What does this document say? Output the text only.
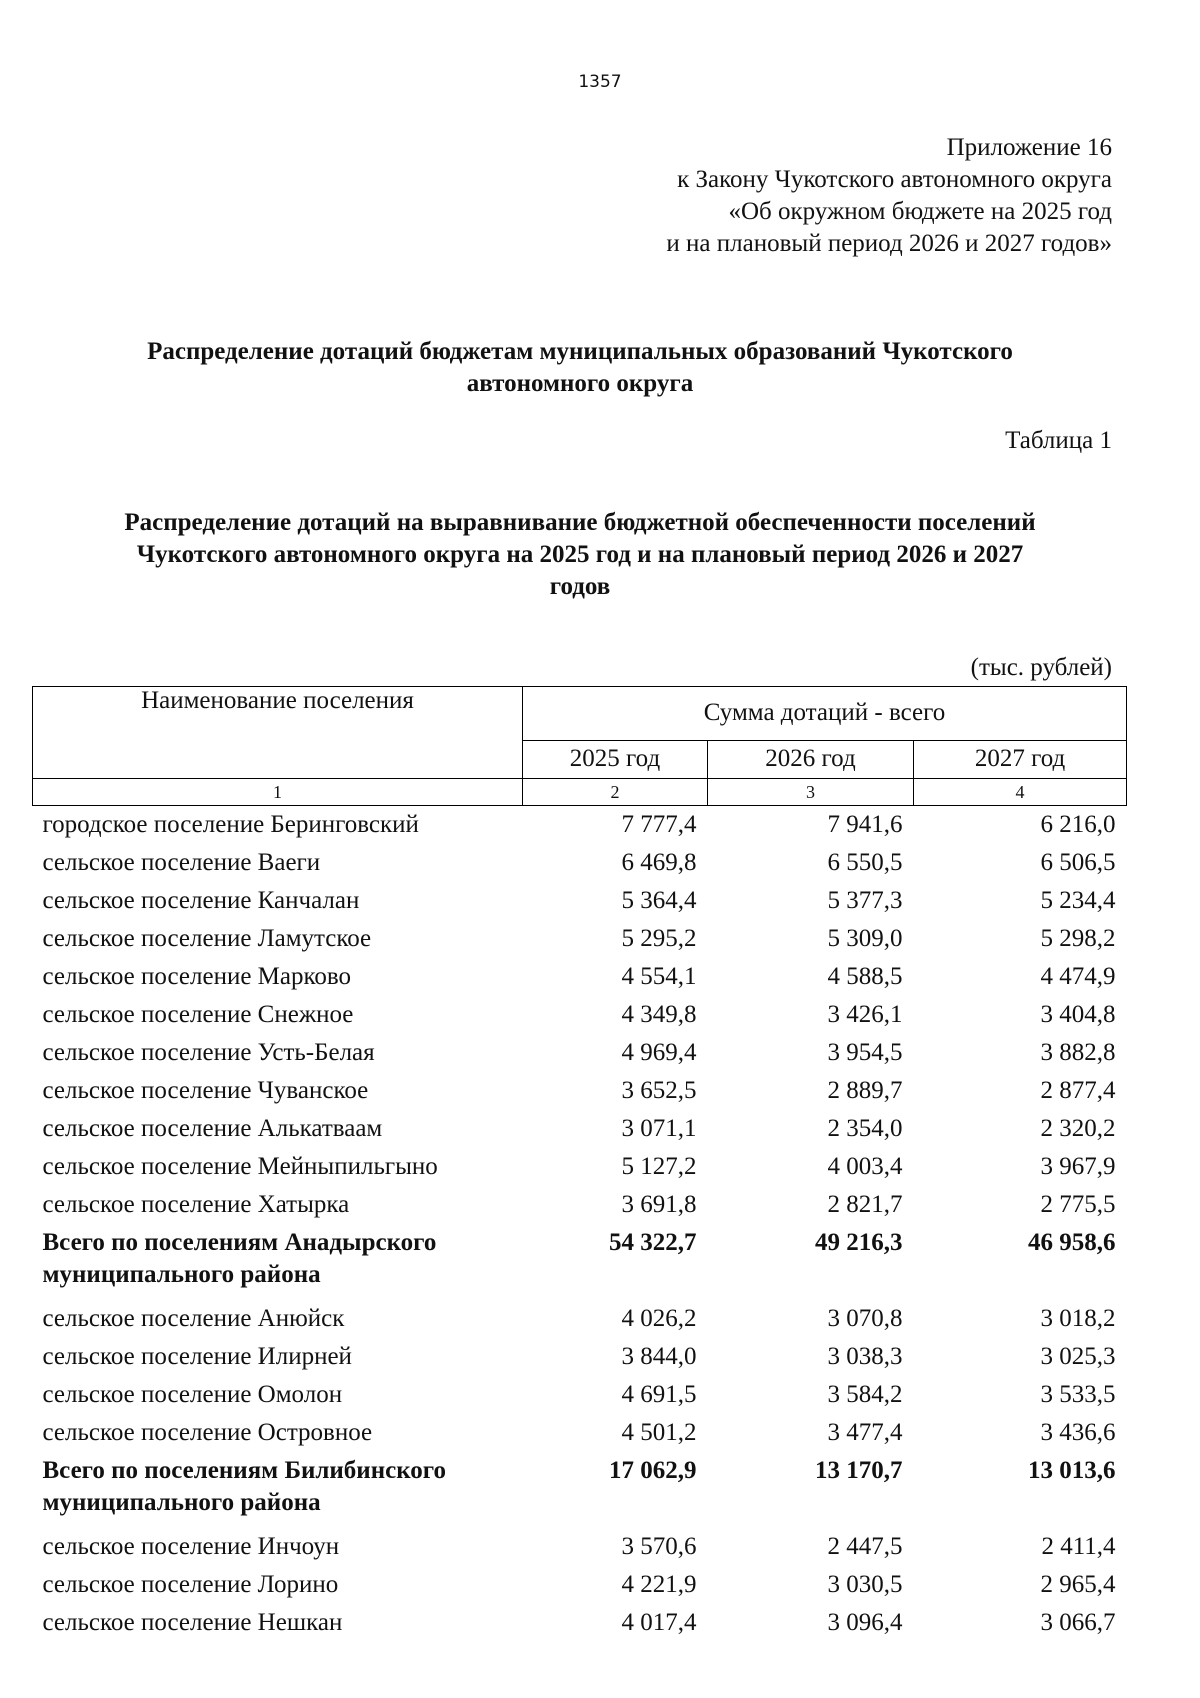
1357
Приложение 16
к Закону Чукотского автономного округа
«Об окружном бюджете на 2025 год
и на плановый период 2026 и 2027 годов»
Распределение дотаций бюджетам муниципальных образований Чукотского
автономного округа
Таблица 1
Распределение дотаций на выравнивание бюджетной обеспеченности поселений
Чукотского автономного округа на 2025 год и на плановый период 2026 и 2027
годов
(тыс. рублей)
Наименование поселения	Сумма дотаций - всего		
	2025 год	2026 год	2027 год
1	2	3	4
городское поселение Беринговский	7 777,4	7 941,6	6 216,0
сельское поселение Ваеги	6 469,8	6 550,5	6 506,5
сельское поселение Канчалан	5 364,4	5 377,3	5 234,4
сельское поселение Ламутское	5 295,2	5 309,0	5 298,2
сельское поселение Марково	4 554,1	4 588,5	4 474,9
сельское поселение Снежное	4 349,8	3 426,1	3 404,8
сельское поселение Усть-Белая	4 969,4	3 954,5	3 882,8
сельское поселение Чуванское	3 652,5	2 889,7	2 877,4
сельское поселение Алькатваам	3 071,1	2 354,0	2 320,2
сельское поселение Мейныпильгыно	5 127,2	4 003,4	3 967,9
сельское поселение Хатырка	3 691,8	2 821,7	2 775,5
Всего по поселениям Анадырского муниципального района	54 322,7	49 216,3	46 958,6
сельское поселение Анюйск	4 026,2	3 070,8	3 018,2
сельское поселение Илирней	3 844,0	3 038,3	3 025,3
сельское поселение Омолон	4 691,5	3 584,2	3 533,5
сельское поселение Островное	4 501,2	3 477,4	3 436,6
Всего по поселениям Билибинского муниципального района	17 062,9	13 170,7	13 013,6
сельское поселение Инчоун	3 570,6	2 447,5	2 411,4
сельское поселение Лорино	4 221,9	3 030,5	2 965,4
сельское поселение Нешкан	4 017,4	3 096,4	3 066,7
